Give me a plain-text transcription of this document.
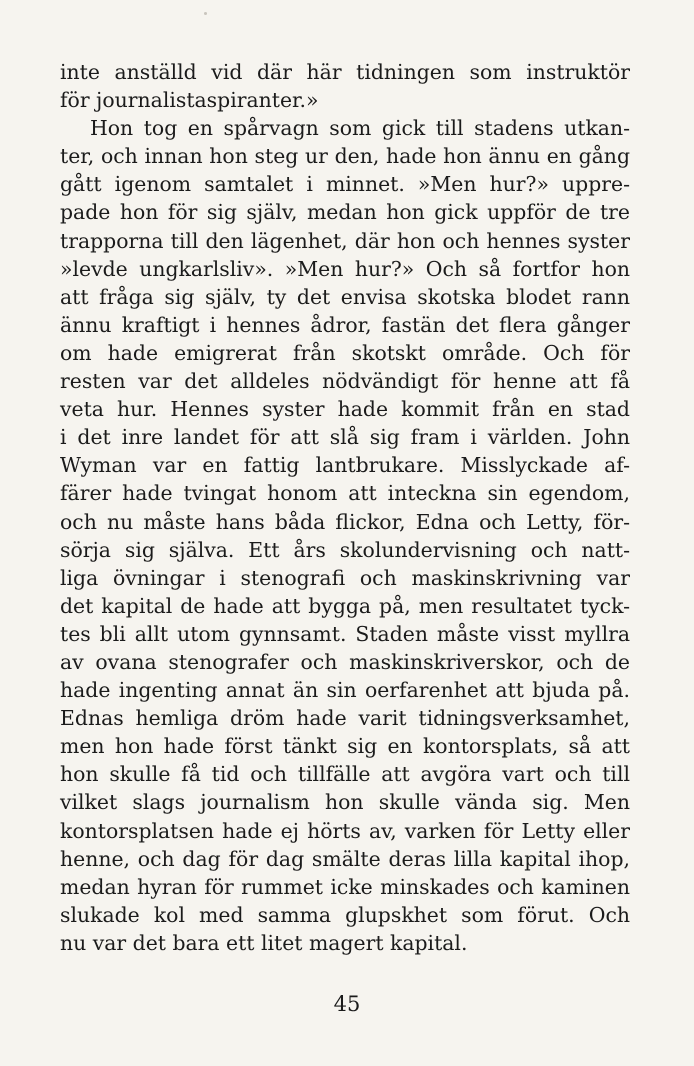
inte anställd vid där här tidningen som instruktör
för journalistaspiranter.»
Hon tog en spårvagn som gick till stadens utkan-
ter, och innan hon steg ur den, hade hon ännu en gång
gått igenom samtalet i minnet. »Men hur?» uppre-
pade hon för sig själv, medan hon gick uppför de tre
trapporna till den lägenhet, där hon och hennes syster
»levde ungkarlsliv». »Men hur?» Och så fortfor hon
att fråga sig själv, ty det envisa skotska blodet rann
ännu kraftigt i hennes ådror, fastän det flera gånger
om hade emigrerat från skotskt område. Och för
resten var det alldeles nödvändigt för henne att få
veta hur. Hennes syster hade kommit från en stad
i det inre landet för att slå sig fram i världen. John
Wyman var en fattig lantbrukare. Misslyckade af-
färer hade tvingat honom att inteckna sin egendom,
och nu måste hans båda flickor, Edna och Letty, för-
sörja sig själva. Ett års skolundervisning och natt-
liga övningar i stenografi och maskinskrivning var
det kapital de hade att bygga på, men resultatet tyck-
tes bli allt utom gynnsamt. Staden måste visst myllra
av ovana stenografer och maskinskriverskor, och de
hade ingenting annat än sin oerfarenhet att bjuda på.
Ednas hemliga dröm hade varit tidningsverksamhet,
men hon hade först tänkt sig en kontorsplats, så att
hon skulle få tid och tillfälle att avgöra vart och till
vilket slags journalism hon skulle vända sig. Men
kontorsplatsen hade ej hörts av, varken för Letty eller
henne, och dag för dag smälte deras lilla kapital ihop,
medan hyran för rummet icke minskades och kaminen
slukade kol med samma glupskhet som förut. Och
nu var det bara ett litet magert kapital.
45
